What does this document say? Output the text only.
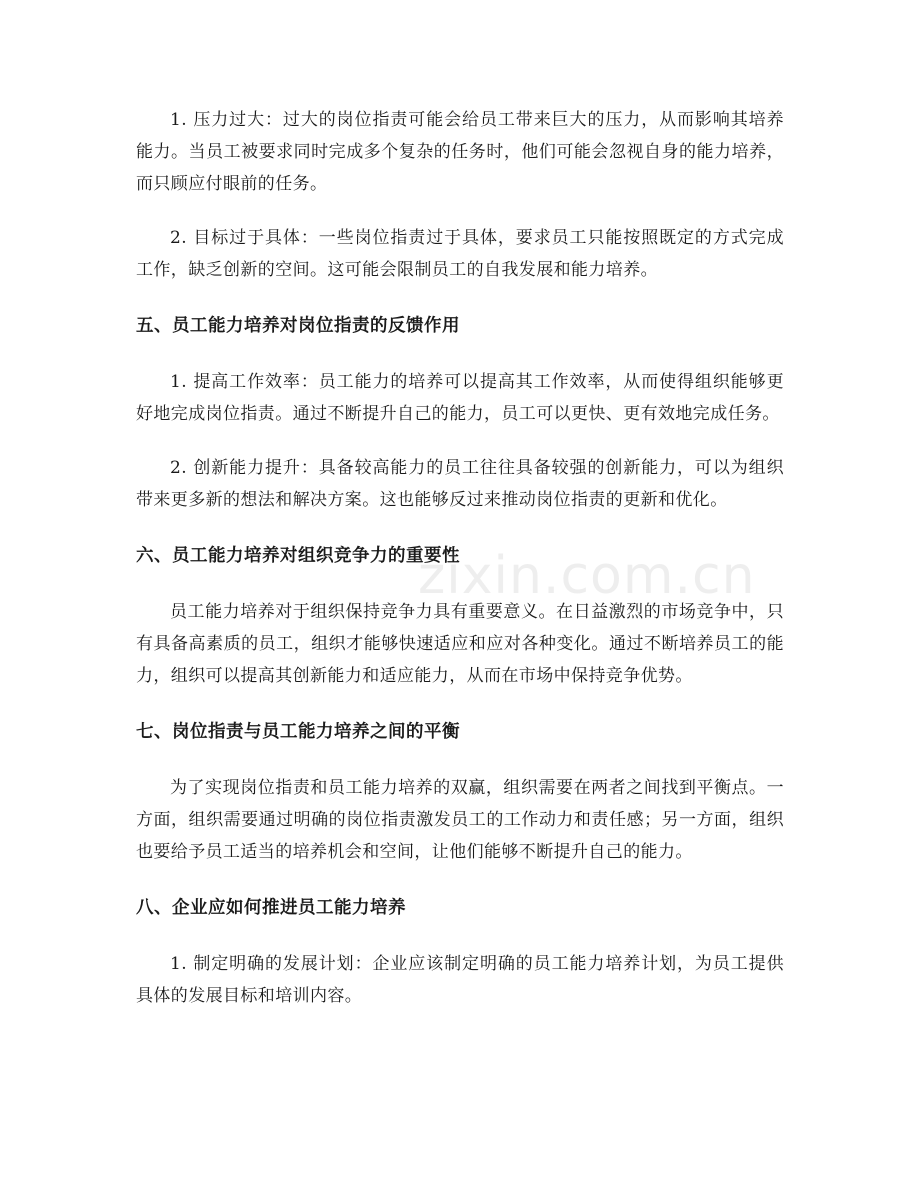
1. 压力过大：过大的岗位指责可能会给员工带来巨大的压力，从而影响其培养能力。当员工被要求同时完成多个复杂的任务时，他们可能会忽视自身的能力培养，而只顾应付眼前的任务。

2. 目标过于具体：一些岗位指责过于具体，要求员工只能按照既定的方式完成工作，缺乏创新的空间。这可能会限制员工的自我发展和能力培养。

五、员工能力培养对岗位指责的反馈作用

1. 提高工作效率：员工能力的培养可以提高其工作效率，从而使得组织能够更好地完成岗位指责。通过不断提升自己的能力，员工可以更快、更有效地完成任务。

2. 创新能力提升：具备较高能力的员工往往具备较强的创新能力，可以为组织带来更多新的想法和解决方案。这也能够反过来推动岗位指责的更新和优化。

六、员工能力培养对组织竞争力的重要性

员工能力培养对于组织保持竞争力具有重要意义。在日益激烈的市场竞争中，只有具备高素质的员工，组织才能够快速适应和应对各种变化。通过不断培养员工的能力，组织可以提高其创新能力和适应能力，从而在市场中保持竞争优势。

七、岗位指责与员工能力培养之间的平衡

为了实现岗位指责和员工能力培养的双赢，组织需要在两者之间找到平衡点。一方面，组织需要通过明确的岗位指责激发员工的工作动力和责任感；另一方面，组织也要给予员工适当的培养机会和空间，让他们能够不断提升自己的能力。

八、企业应如何推进员工能力培养

1. 制定明确的发展计划：企业应该制定明确的员工能力培养计划，为员工提供具体的发展目标和培训内容。

zixin.com.cn
